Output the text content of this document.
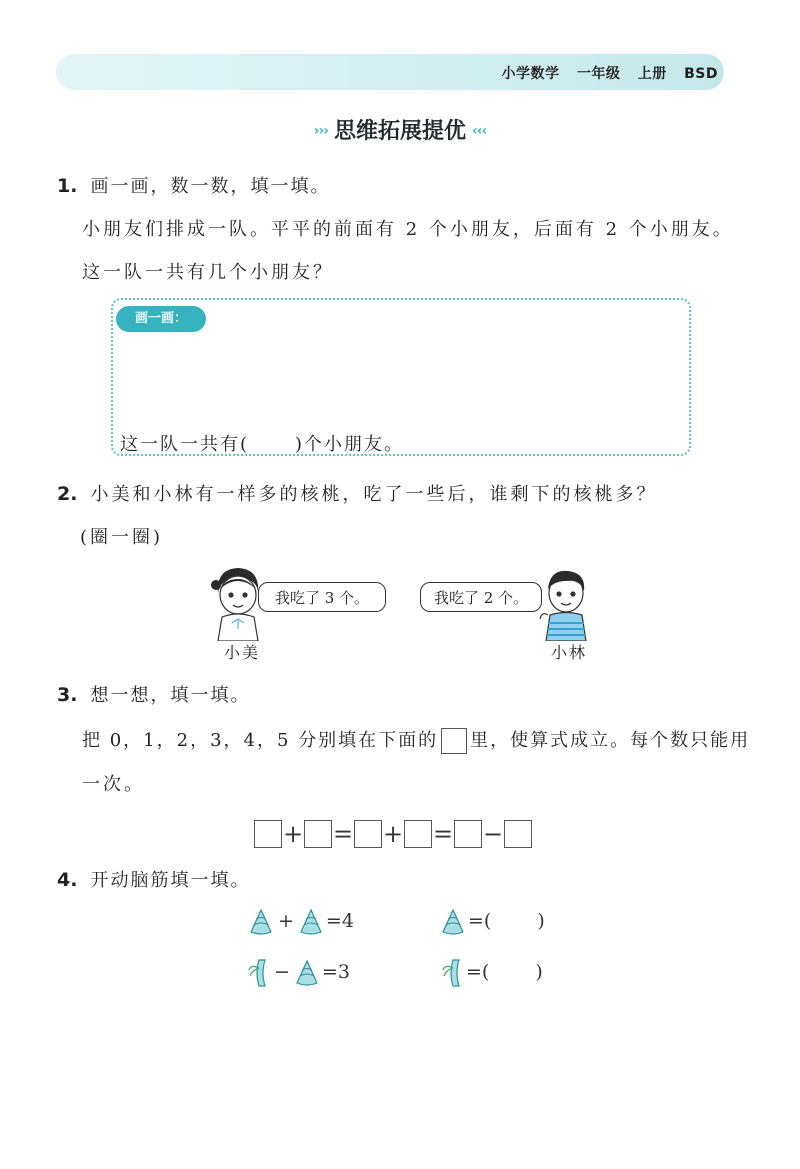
小学数学 一年级 上册 BSD
››› 思维拓展提优 ‹‹‹
1. 画一画，数一数，填一填。
小朋友们排成一队。平平的前面有 2 个小朋友，后面有 2 个小朋友。
这一队一共有几个小朋友？
画一画：
这一队一共有(	)个小朋友。
2. 小美和小林有一样多的核桃，吃了一些后，谁剩下的核桃多？
(圈一圈)
我吃了 3 个。
小美
我吃了 2 个。
小林
3. 想一想，填一填。
把 0，1，2，3，4，5 分别填在下面的 里，使算式成立。每个数只能用
一次。
+ = + = −
4. 开动脑筋填一填。
+ =4	=( )
− =3	=( )
